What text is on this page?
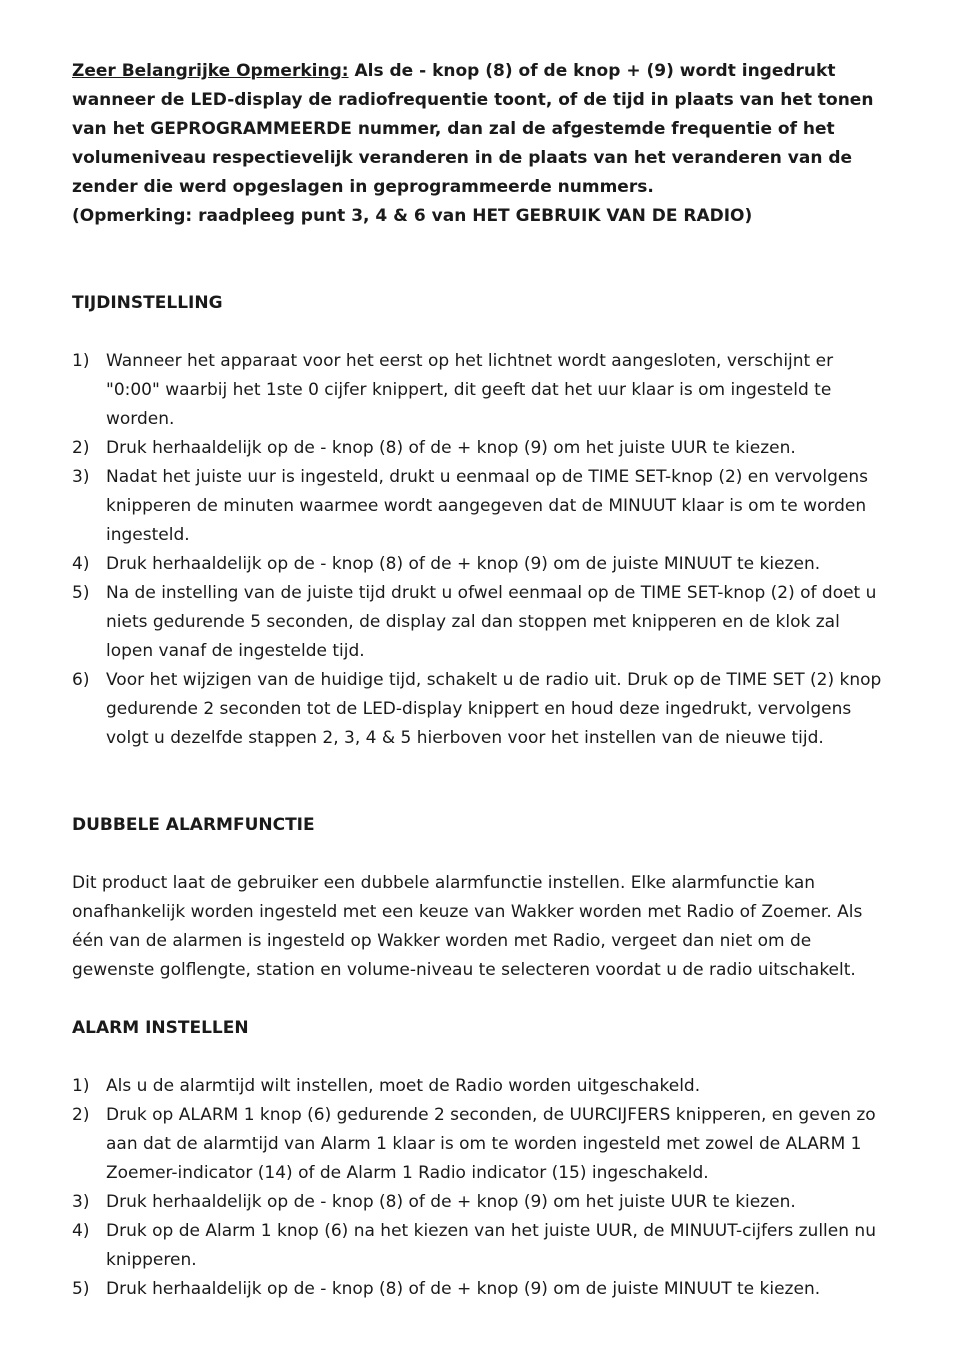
Zeer Belangrijke Opmerking: Als de - knop (8) of de knop + (9) wordt ingedrukt wanneer de LED-display de radiofrequentie toont, of de tijd in plaats van het tonen van het GEPROGRAMMEERDE nummer, dan zal de afgestemde frequentie of het volumeniveau respectievelijk veranderen in de plaats van het veranderen van de zender die werd opgeslagen in geprogrammeerde nummers.

(Opmerking: raadpleeg punt 3, 4 & 6 van HET GEBRUIK VAN DE RADIO)

TIJDINSTELLING

1) Wanneer het apparaat voor het eerst op het lichtnet wordt aangesloten, verschijnt er "0:00" waarbij het 1ste 0 cijfer knippert, dit geeft dat het uur klaar is om ingesteld te worden.
2) Druk herhaaldelijk op de - knop (8) of de + knop (9) om het juiste UUR te kiezen.
3) Nadat het juiste uur is ingesteld, drukt u eenmaal op de TIME SET-knop (2) en vervolgens knipperen de minuten waarmee wordt aangegeven dat de MINUUT klaar is om te worden ingesteld.
4) Druk herhaaldelijk op de - knop (8) of de + knop (9) om de juiste MINUUT te kiezen.
5) Na de instelling van de juiste tijd drukt u ofwel eenmaal op de TIME SET-knop (2) of doet u niets gedurende 5 seconden, de display zal dan stoppen met knipperen en de klok zal lopen vanaf de ingestelde tijd.
6) Voor het wijzigen van de huidige tijd, schakelt u de radio uit. Druk op de TIME SET (2) knop gedurende 2 seconden tot de LED-display knippert en houd deze ingedrukt, vervolgens volgt u dezelfde stappen 2, 3, 4 & 5 hierboven voor het instellen van de nieuwe tijd.

DUBBELE ALARMFUNCTIE

Dit product laat de gebruiker een dubbele alarmfunctie instellen. Elke alarmfunctie kan onafhankelijk worden ingesteld met een keuze van Wakker worden met Radio of Zoemer. Als één van de alarmen is ingesteld op Wakker worden met Radio, vergeet dan niet om de gewenste golflengte, station en volume-niveau te selecteren voordat u de radio uitschakelt.

ALARM INSTELLEN

1) Als u de alarmtijd wilt instellen, moet de Radio worden uitgeschakeld.
2) Druk op ALARM 1 knop (6) gedurende 2 seconden, de UURCIJFERS knipperen, en geven zo aan dat de alarmtijd van Alarm 1 klaar is om te worden ingesteld met zowel de ALARM 1 Zoemer-indicator (14) of de Alarm 1 Radio indicator (15) ingeschakeld.
3) Druk herhaaldelijk op de - knop (8) of de + knop (9) om het juiste UUR te kiezen.
4) Druk op de Alarm 1 knop (6) na het kiezen van het juiste UUR, de MINUUT-cijfers zullen nu knipperen.
5) Druk herhaaldelijk op de - knop (8) of de + knop (9) om de juiste MINUUT te kiezen.
